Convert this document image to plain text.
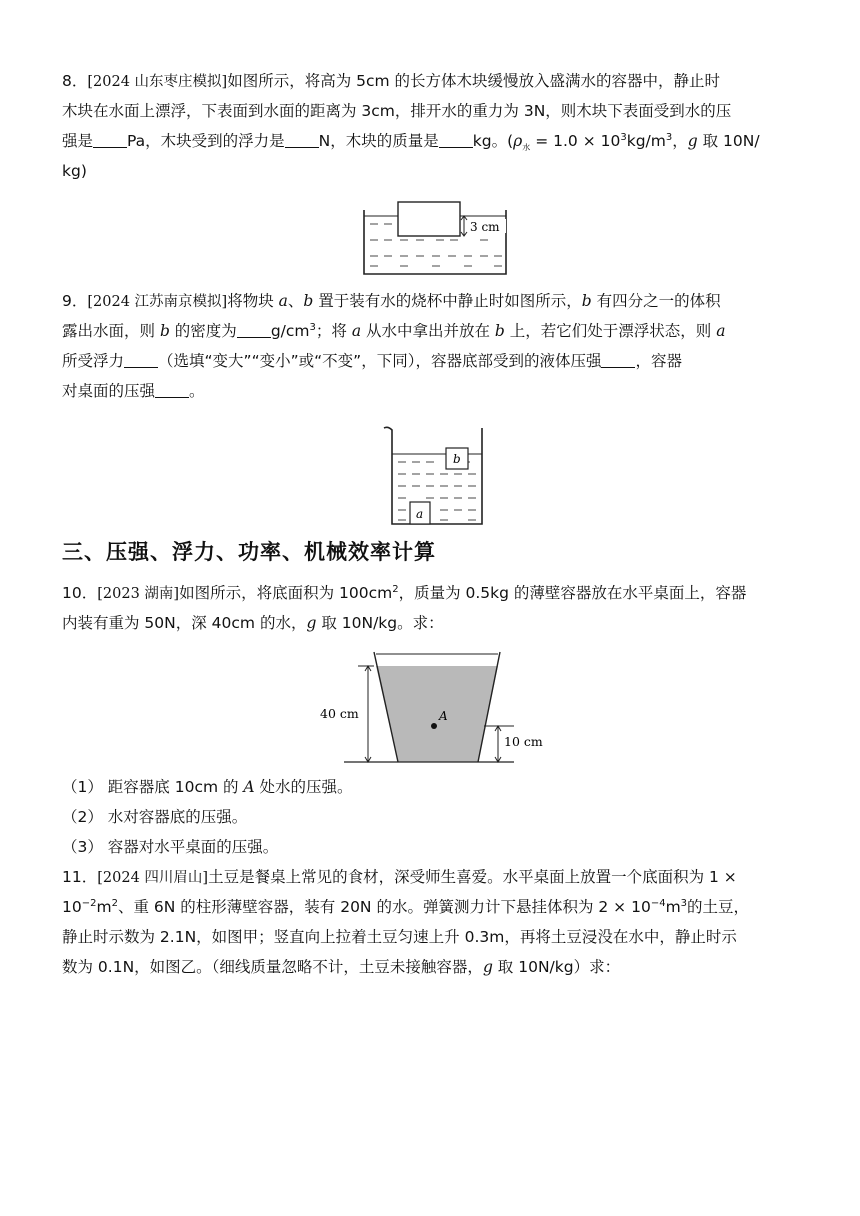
8．[2024 山东枣庄模拟]如图所示，将高为 5cm 的长方体木块缓慢放入盛满水的容器中，静止时
木块在水面上漂浮，下表面到水面的距离为 3cm，排开水的重力为 3N，则木块下表面受到水的压
强是 Pa，木块受到的浮力是 N，木块的质量是 kg。($\rho_水 = 1.0 \times 10^3kg/m^3$，g 取 10N/
kg)
3 cm
9．[2024 江苏南京模拟]将物块 a、b 置于装有水的烧杯中静止时如图所示，b 有四分之一的体积
露出水面，则 b 的密度为 $g/cm^3$；将 a 从水中拿出并放在 b 上，若它们处于漂浮状态，则 a
所受浮力 （选填“变大”“变小”或“不变”，下同），容器底部受到的液体压强 ，容器
对桌面的压强 。
b
a
三、压强、浮力、功率、机械效率计算
10．[2023 湖南]如图所示，将底面积为 $100cm^2$，质量为 0.5kg 的薄壁容器放在水平桌面上，容器
内装有重为 50N，深 40cm 的水，g 取 10N/kg。求：
40 cm	A
10 cm
（1） 距容器底 10cm 的 A 处水的压强。
（2） 水对容器底的压强。
（3） 容器对水平桌面的压强。
11．[2024 四川眉山]土豆是餐桌上常见的食材，深受师生喜爱。水平桌面上放置一个底面积为 1 ×
$10^{-2}m^2$、重 6N 的柱形薄壁容器，装有 20N 的水。弹簧测力计下悬挂体积为 $2 \times 10^{-4}m^3$的土豆，
静止时示数为 2.1N，如图甲；竖直向上拉着土豆匀速上升 0.3m，再将土豆浸没在水中，静止时示
数为 0.1N，如图乙。（细线质量忽略不计，土豆未接触容器，g 取 10N/kg）求：
